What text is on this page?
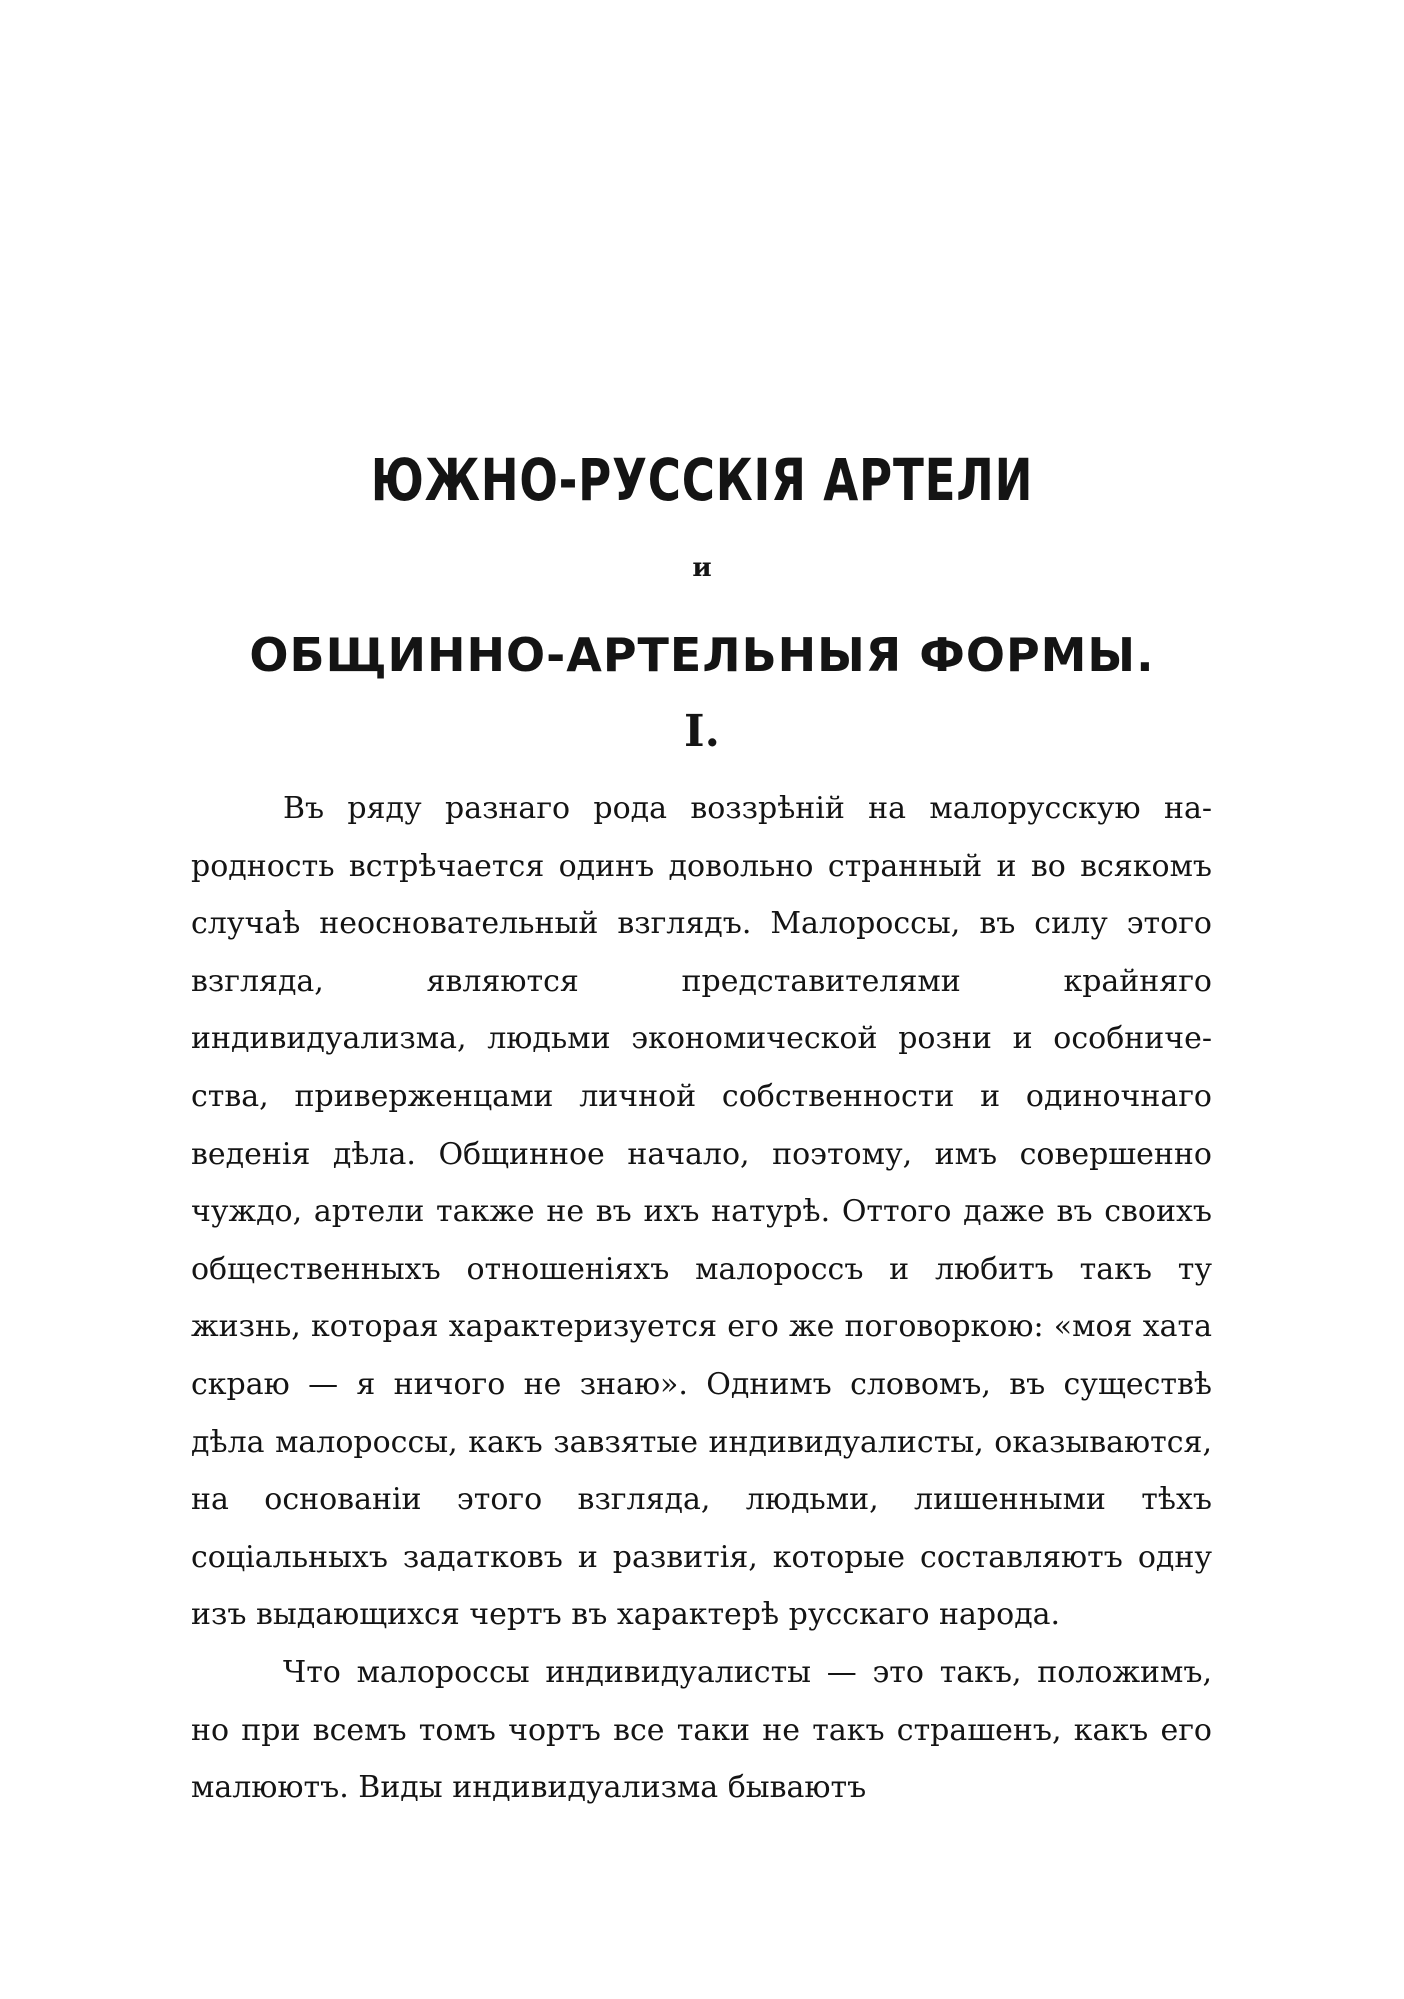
ЮЖНО-РУССКІЯ АРТЕЛИ
и
ОБЩИННО-АРТЕЛЬНЫЯ ФОРМЫ.
I.

Въ ряду разнаго рода воззрѣній на малорусскую народность встрѣчается одинъ довольно странный и во всякомъ случаѣ неосновательный взглядъ. Малороссы, въ силу этого взгляда, являются представителями крайняго индивидуализма, людьми экономической розни и особничества, приверженцами личной собственности и одиночнаго веденія дѣла. Общинное начало, поэтому, имъ совершенно чуждо, артели также не въ ихъ натурѣ. Оттого даже въ своихъ общественныхъ отношеніяхъ малороссъ и любитъ такъ ту жизнь, которая характеризуется его же поговоркою: «моя хата скраю — я ничого не знаю». Однимъ словомъ, въ существѣ дѣла малороссы, какъ завзятые индивидуалисты, оказываются, на основаніи этого взгляда, людьми, лишенными тѣхъ соціальныхъ задатковъ и развитія, которые составляютъ одну изъ выдающихся чертъ въ характерѣ русскаго народа.

Что малороссы индивидуалисты — это такъ, положимъ, но при всемъ томъ чортъ все таки не такъ страшенъ, какъ его малюютъ. Виды индивидуализма бываютъ
